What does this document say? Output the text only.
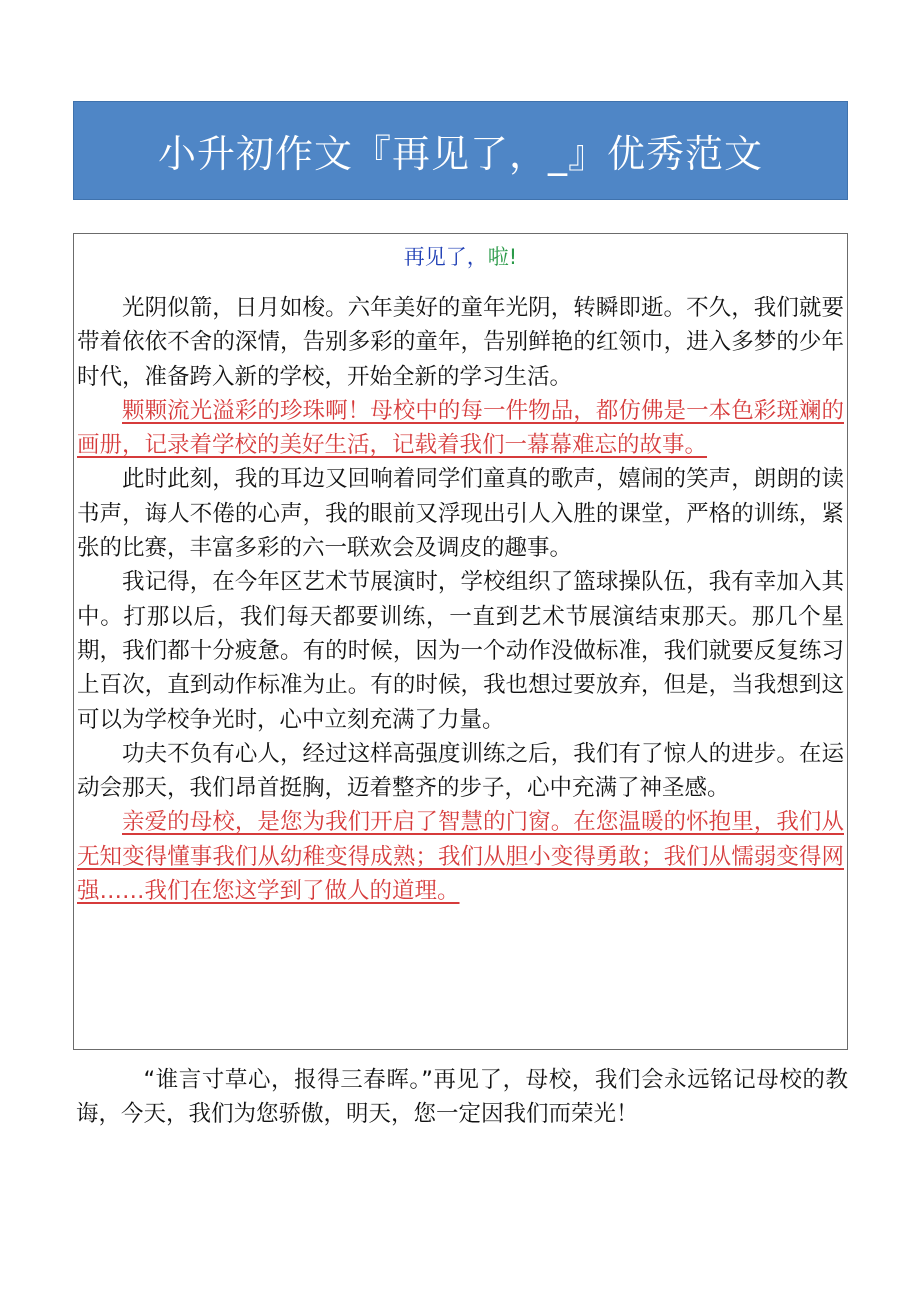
小升初作文『再见了，_』优秀范文
再见了，啦!

光阴似箭，日月如梭。六年美好的童年光阴，转瞬即逝。不久，我们就要带着依依不舍的深情，告别多彩的童年，告别鲜艳的红领巾，进入多梦的少年时代，准备跨入新的学校，开始全新的学习生活。

颗颗流光溢彩的珍珠啊！母校中的每一件物品，都仿佛是一本色彩斑斓的画册，记录着学校的美好生活，记载着我们一幕幕难忘的故事。

此时此刻，我的耳边又回响着同学们童真的歌声，嬉闹的笑声，朗朗的读书声，诲人不倦的心声，我的眼前又浮现出引人入胜的课堂，严格的训练，紧张的比赛，丰富多彩的六一联欢会及调皮的趣事。

我记得，在今年区艺术节展演时，学校组织了篮球操队伍，我有幸加入其中。打那以后，我们每天都要训练，一直到艺术节展演结束那天。那几个星期，我们都十分疲惫。有的时候，因为一个动作没做标准，我们就要反复练习上百次，直到动作标准为止。有的时候，我也想过要放弃，但是，当我想到这可以为学校争光时，心中立刻充满了力量。

功夫不负有心人，经过这样高强度训练之后，我们有了惊人的进步。在运动会那天，我们昂首挺胸，迈着整齐的步子，心中充满了神圣感。

亲爱的母校，是您为我们开启了智慧的门窗。在您温暖的怀抱里，我们从无知变得懂事我们从幼稚变得成熟；我们从胆小变得勇敢；我们从懦弱变得网强……我们在您这学到了做人的道理。

“谁言寸草心，报得三春晖。”再见了，母校，我们会永远铭记母校的教诲，今天，我们为您骄傲，明天，您一定因我们而荣光！
